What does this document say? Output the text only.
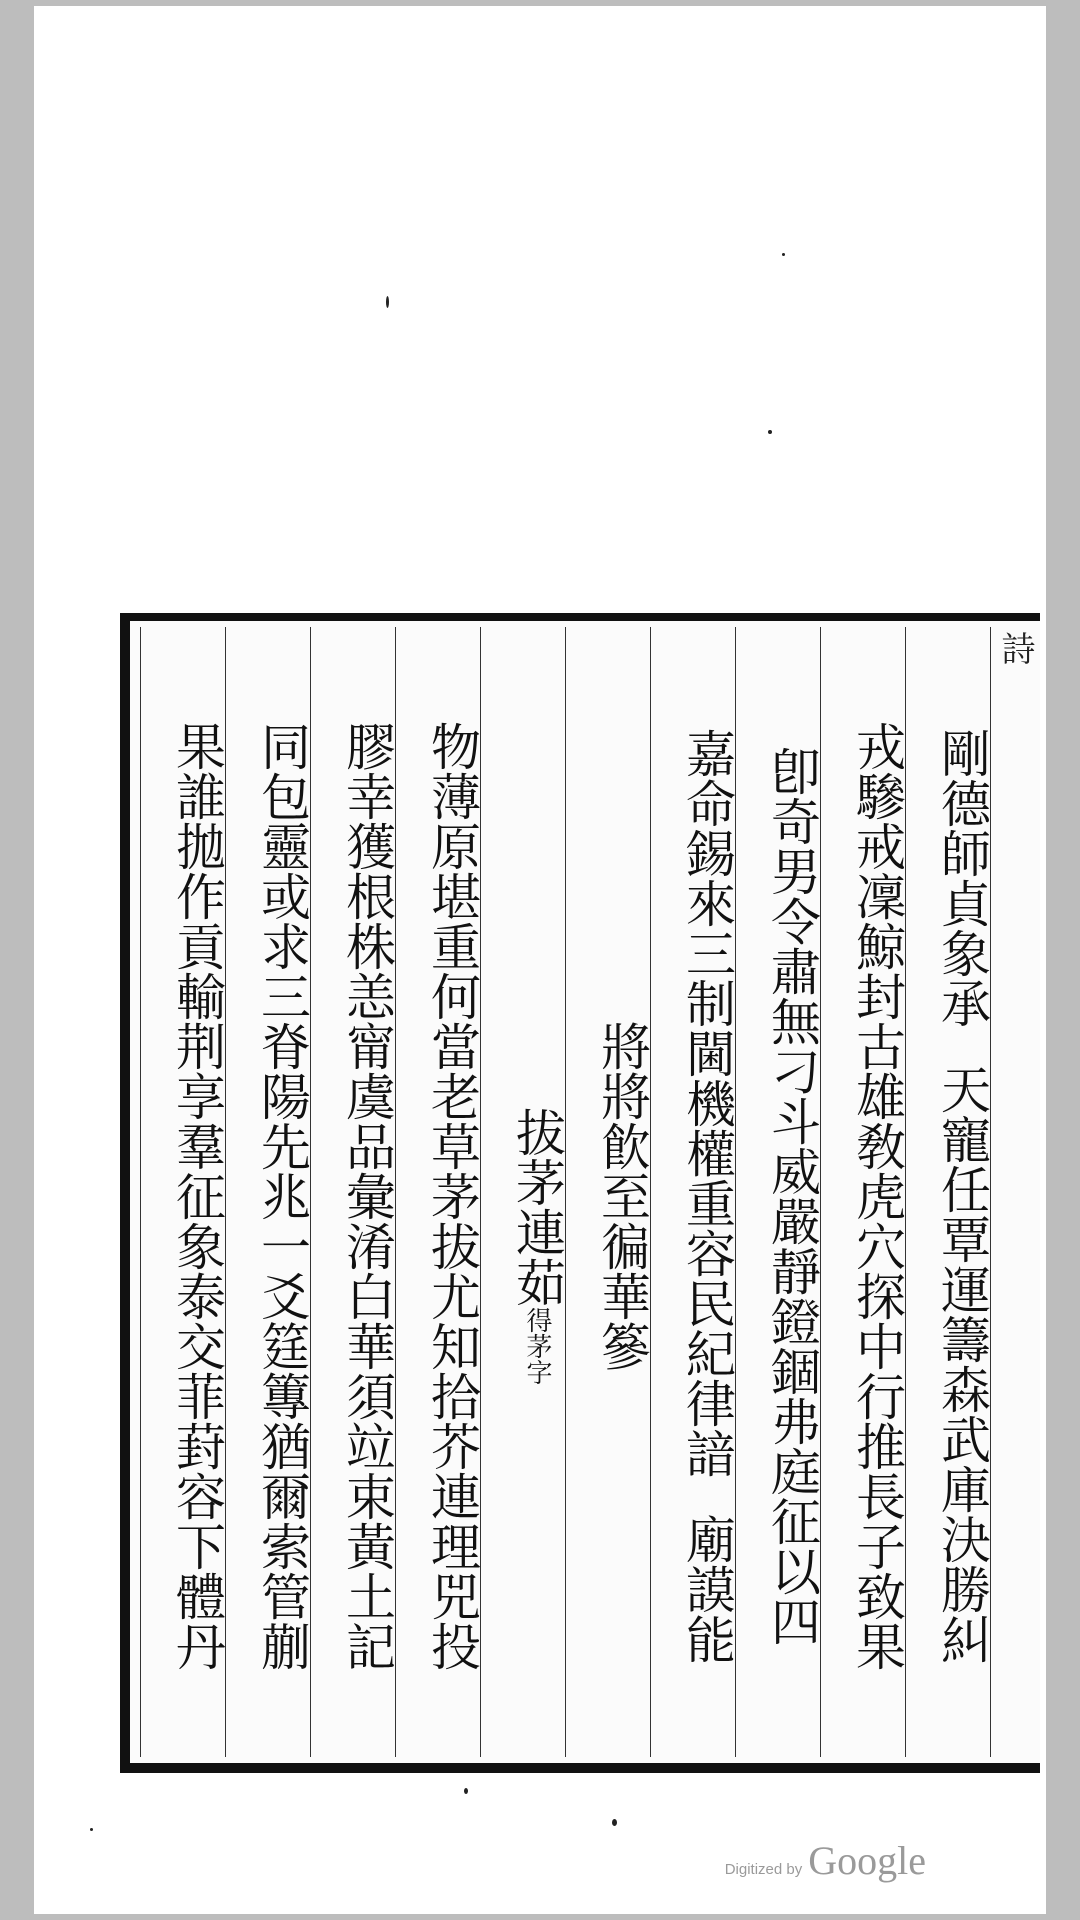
詩
剛德師貞象承天寵任覃運籌森武庫決勝糾
戎驂戒凜鯨封古雄敎虎穴探中行推長子致果
卽奇男令肅無刁斗威嚴靜鐙錮弗庭征以四
嘉命錫來三制閫機權重容民紀律諳廟謨能
將將飮至徧華篸
拔茅連茹得茅字
物薄原堪重何當老草茅拔尤知拾芥連理兕投
膠幸獲根株恙甯虞品彙淆白華須竝束黃土記
同包靈或求三脊陽先兆一爻筳篿猶爾索管蒯
果誰拋作貢輸荆享羣征象泰交菲葑容下體丹
Digitized by Google
